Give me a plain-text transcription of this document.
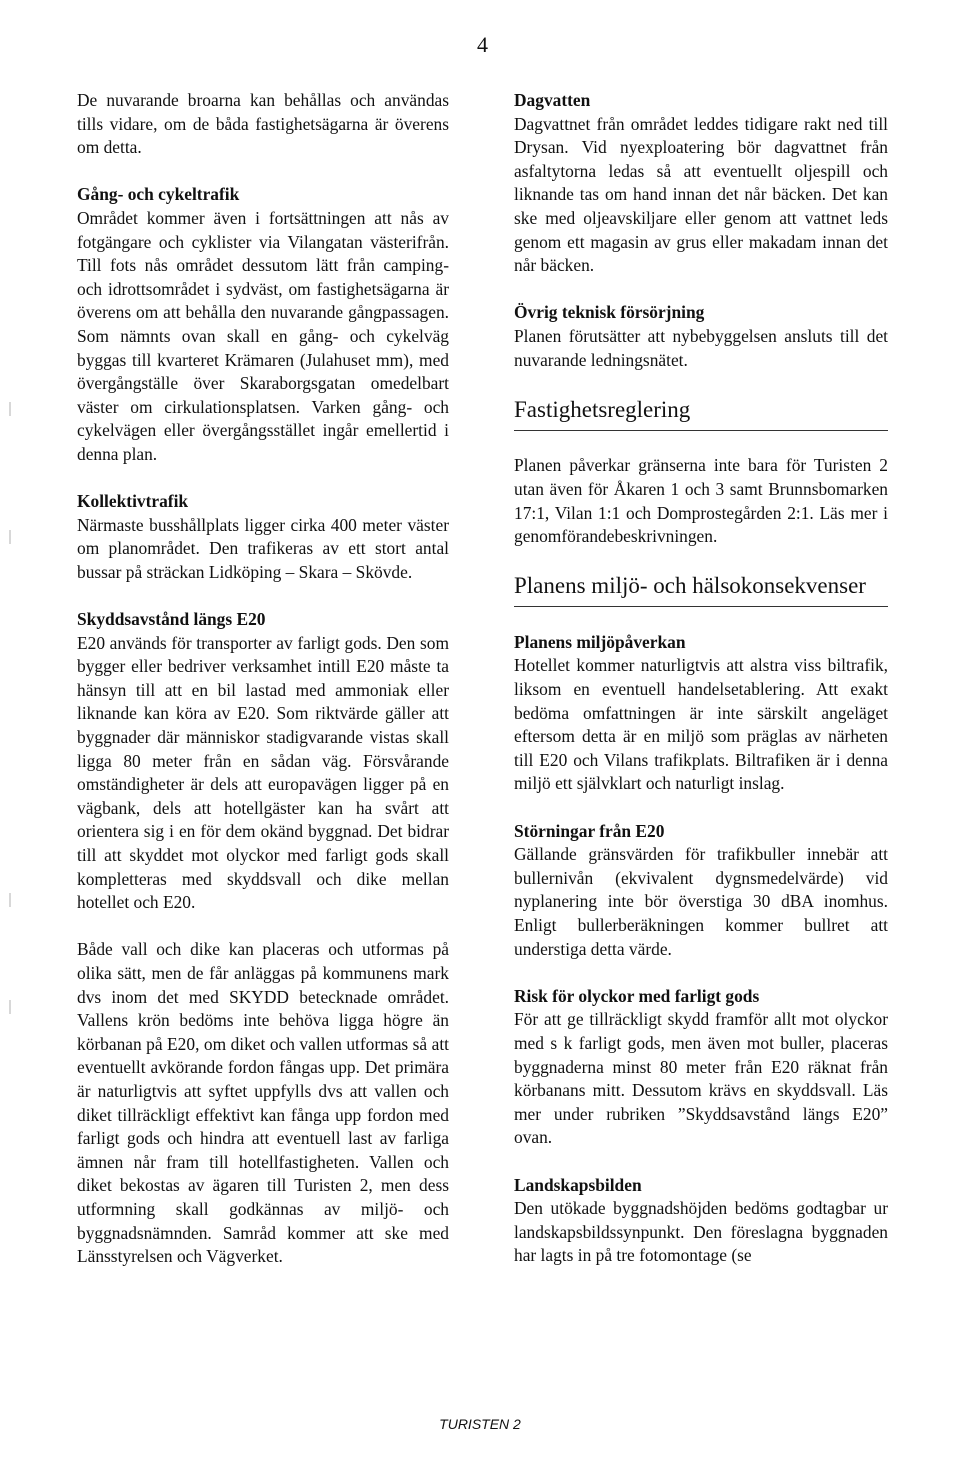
4

De nuvarande broarna kan behållas och användas tills vidare, om de båda fastighetsägarna är överens om detta.

Gång- och cykeltrafik

Området kommer även i fortsättningen att nås av fotgängare och cyklister via Vilangatan västerifrån. Till fots nås området dessutom lätt från camping- och idrottsområdet i sydväst, om fastighetsägarna är överens om att behålla den nuvarande gångpassagen. Som nämnts ovan skall en gång- och cykelväg byggas till kvarteret Krämaren (Julahuset mm), med övergångställe över Skaraborgsgatan omedelbart väster om cirkulationsplatsen. Varken gång- och cykelvägen eller övergångsstället ingår emellertid i denna plan.

Kollektivtrafik

Närmaste busshållplats ligger cirka 400 meter väster om planområdet. Den trafikeras av ett stort antal bussar på sträckan Lidköping – Skara – Skövde.

Skyddsavstånd längs E20

E20 används för transporter av farligt gods. Den som bygger eller bedriver verksamhet intill E20 måste ta hänsyn till att en bil lastad med ammoniak eller liknande kan köra av E20. Som riktvärde gäller att byggnader där människor stadigvarande vistas skall ligga 80 meter från en sådan väg. Försvårande omständigheter är dels att europavägen ligger på en vägbank, dels att hotellgäster kan ha svårt att orientera sig i en för dem okänd byggnad. Det bidrar till att skyddet mot olyckor med farligt gods skall kompletteras med skyddsvall och dike mellan hotellet och E20.

Både vall och dike kan placeras och utformas på olika sätt, men de får anläggas på kommunens mark dvs inom det med SKYDD betecknade området. Vallens krön bedöms inte behöva ligga högre än körbanan på E20, om diket och vallen utformas så att eventuellt avkörande fordon fångas upp. Det primära är naturligtvis att syftet uppfylls dvs att vallen och diket tillräckligt effektivt kan fånga upp fordon med farligt gods och hindra att eventuell last av farliga ämnen når fram till hotellfastigheten. Vallen och diket bekostas av ägaren till Turisten 2, men dess utformning skall godkännas av miljö- och byggnadsnämnden. Samråd kommer att ske med Länsstyrelsen och Vägverket.

Dagvatten

Dagvattnet från området leddes tidigare rakt ned till Drysan. Vid nyexploatering bör dagvattnet från asfaltytorna ledas så att eventuellt oljespill och liknande tas om hand innan det når bäcken. Det kan ske med oljeavskiljare eller genom att vattnet leds genom ett magasin av grus eller makadam innan det når bäcken.

Övrig teknisk försörjning

Planen förutsätter att nybebyggelsen ansluts till det nuvarande ledningsnätet.

Fastighetsreglering

Planen påverkar gränserna inte bara för Turisten 2 utan även för Åkaren 1 och 3 samt Brunnsbomarken 17:1, Vilan 1:1 och Domprostegården 2:1. Läs mer i genomförandebeskrivningen.

Planens miljö- och hälsokonsekvenser

Planens miljöpåverkan

Hotellet kommer naturligtvis att alstra viss biltrafik, liksom en eventuell handelsetablering. Att exakt bedöma omfattningen är inte särskilt angeläget eftersom detta är en miljö som präglas av närheten till E20 och Vilans trafikplats. Biltrafiken är i denna miljö ett självklart och naturligt inslag.

Störningar från E20

Gällande gränsvärden för trafikbuller innebär att bullernivån (ekvivalent dygnsmedelvärde) vid nyplanering inte bör överstiga 30 dBA inomhus. Enligt bullerberäkningen kommer bullret att understiga detta värde.

Risk för olyckor med farligt gods

För att ge tillräckligt skydd framför allt mot olyckor med s k farligt gods, men även mot buller, placeras byggnaderna minst 80 meter från E20 räknat från körbanans mitt. Dessutom krävs en skyddsvall. Läs mer under rubriken ”Skyddsavstånd längs E20” ovan.

Landskapsbilden

Den utökade byggnadshöjden bedöms godtagbar ur landskapsbildssynpunkt. Den föreslagna byggnaden har lagts in på tre fotomontage (se

TURISTEN 2
